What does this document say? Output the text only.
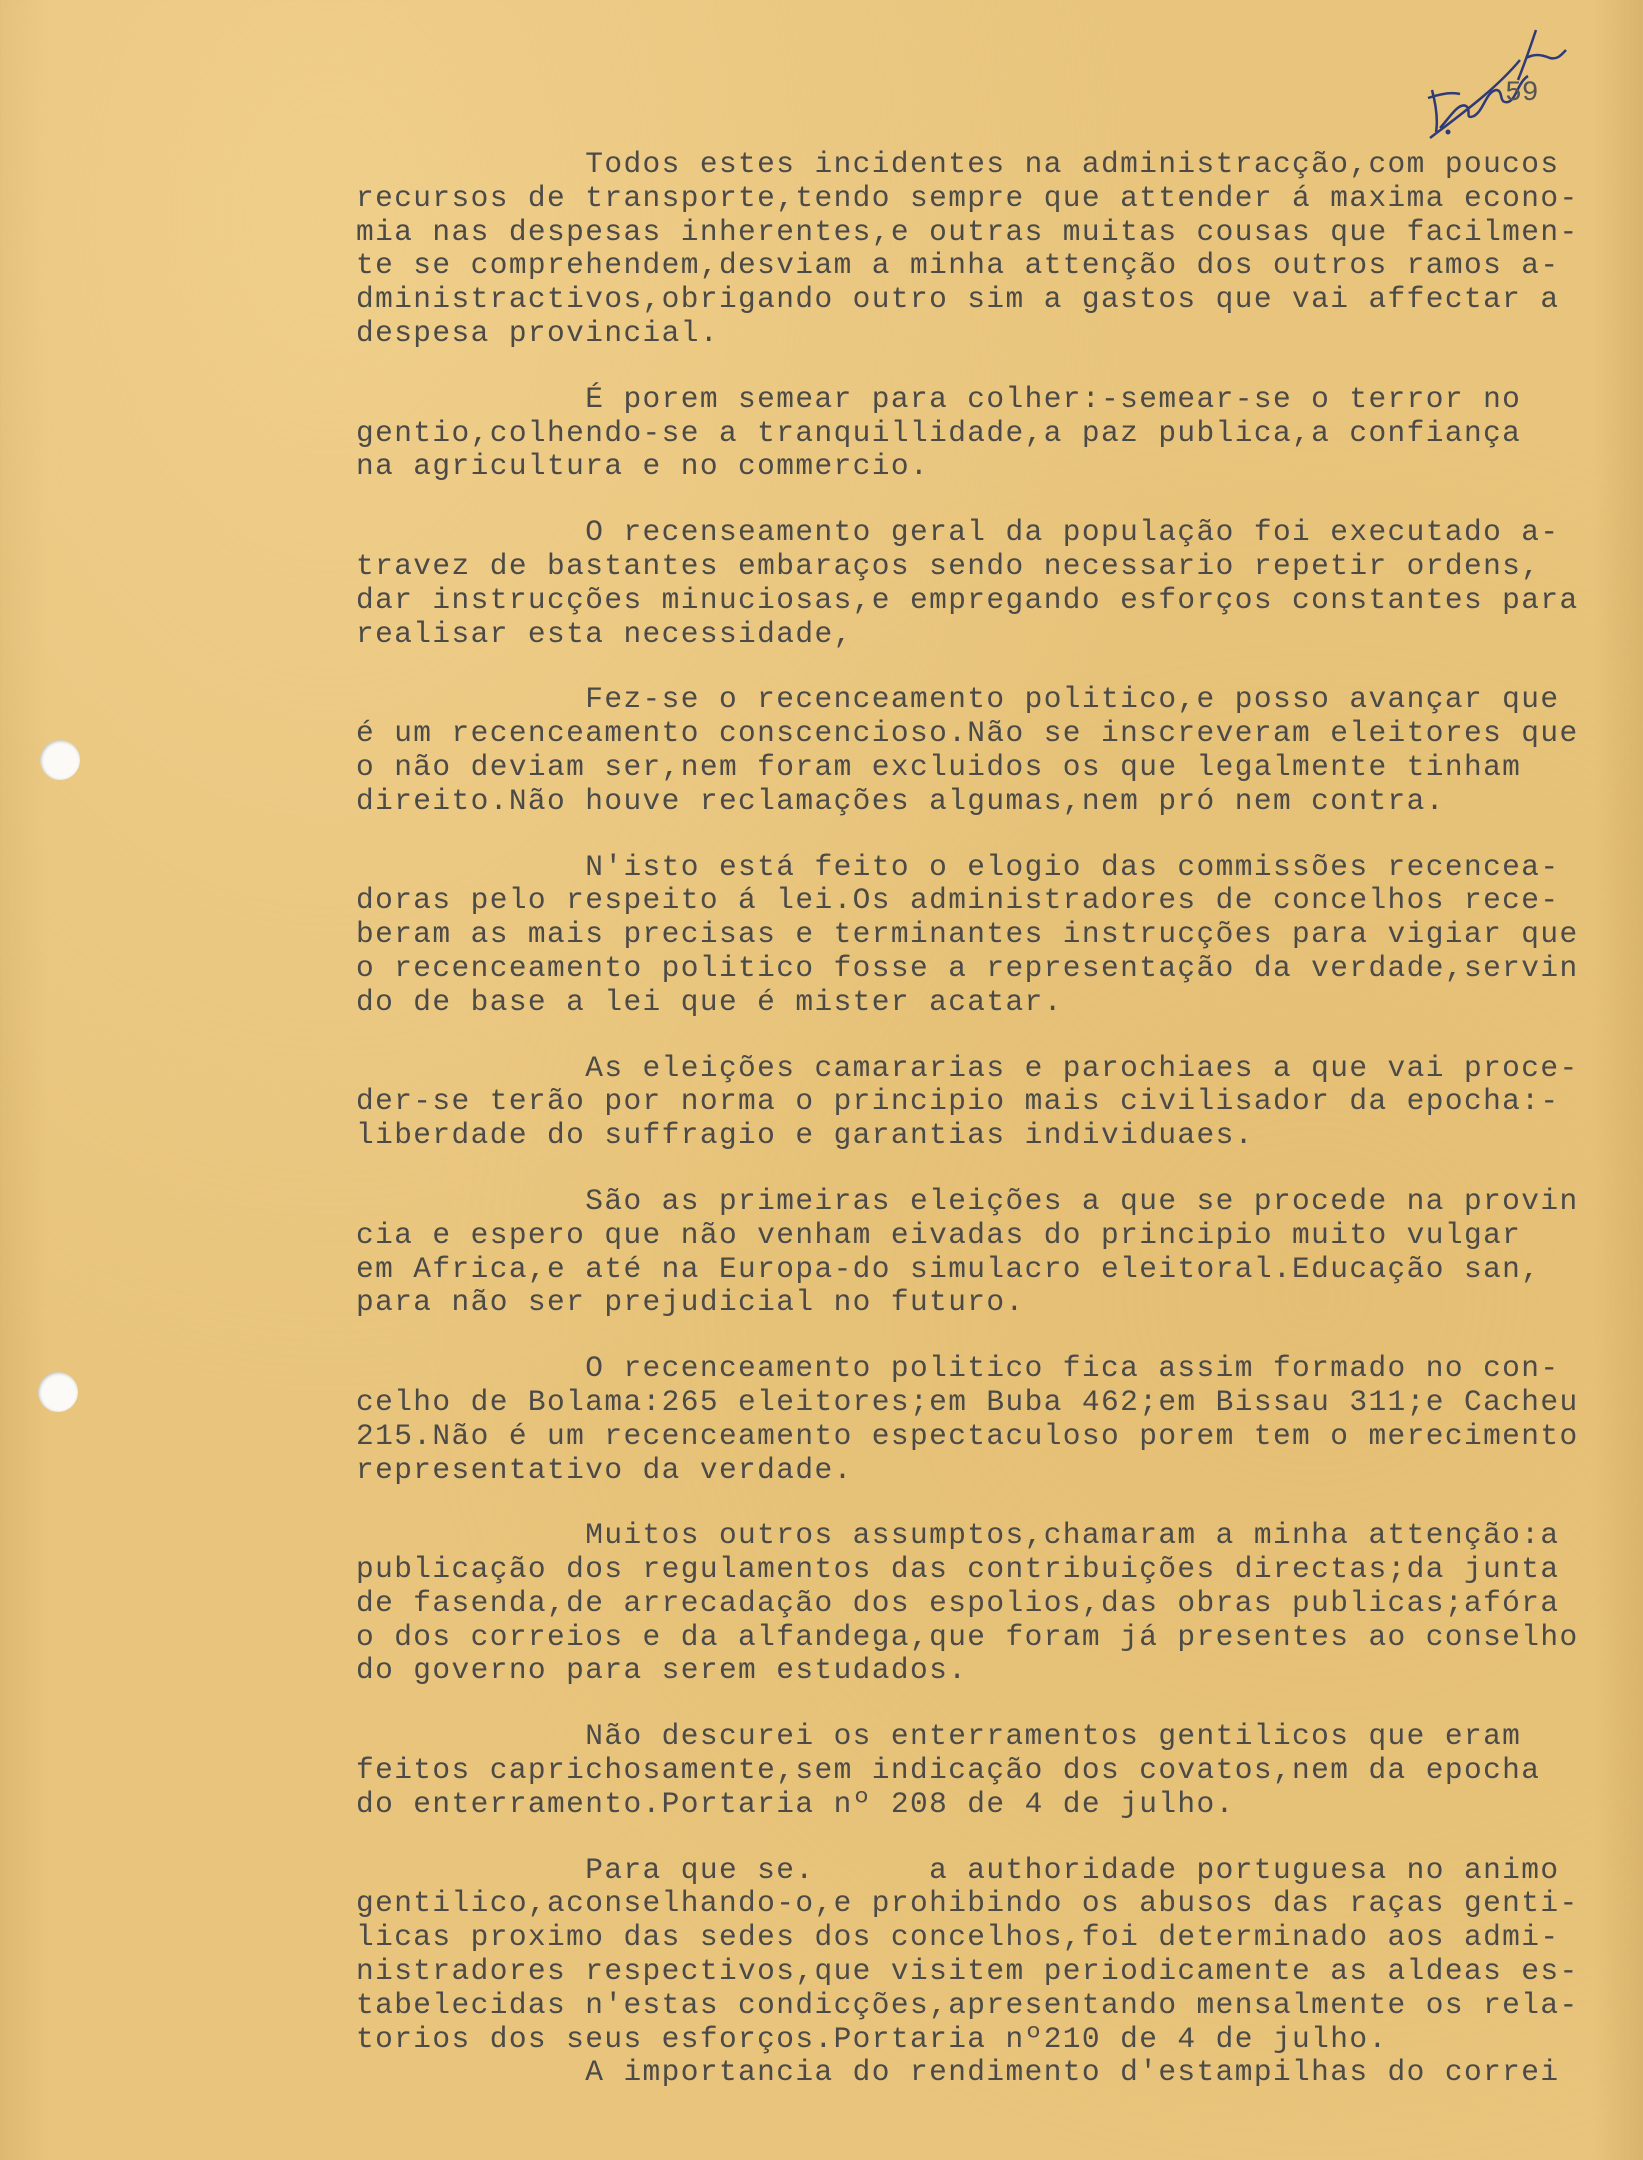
59
Todos estes incidentes na administracção,com poucos
recursos de transporte,tendo sempre que attender á maxima econo-
mia nas despesas inherentes,e outras muitas cousas que facilmen-
te se comprehendem,desviam a minha attenção dos outros ramos a-
dministractivos,obrigando outro sim a gastos que vai affectar a
despesa provincial.
É porem semear para colher:-semear-se o terror no
gentio,colhendo-se a tranquillidade,a paz publica,a confiança
na agricultura e no commercio.
O recenseamento geral da população foi executado a-
travez de bastantes embaraços sendo necessario repetir ordens,
dar instrucções minuciosas,e empregando esforços constantes para
realisar esta necessidade,
Fez-se o recenceamento politico,e posso avançar que
é um recenceamento conscencioso.Não se inscreveram eleitores que
o não deviam ser,nem foram excluidos os que legalmente tinham
direito.Não houve reclamações algumas,nem pró nem contra.
N'isto está feito o elogio das commissões recencea-
doras pelo respeito á lei.Os administradores de concelhos rece-
beram as mais precisas e terminantes instrucções para vigiar que
o recenceamento politico fosse a representação da verdade,servin
do de base a lei que é mister acatar.
As eleições camararias e parochiaes a que vai proce-
der-se terão por norma o principio mais civilisador da epocha:-
liberdade do suffragio e garantias individuaes.
São as primeiras eleições a que se procede na provin
cia e espero que não venham eivadas do principio muito vulgar
em Africa,e até na Europa-do simulacro eleitoral.Educação san,
para não ser prejudicial no futuro.
O recenceamento politico fica assim formado no con-
celho de Bolama:265 eleitores;em Buba 462;em Bissau 311;e Cacheu
215.Não é um recenceamento espectaculoso porem tem o merecimento
representativo da verdade.
Muitos outros assumptos,chamaram a minha attenção:a
publicação dos regulamentos das contribuições directas;da junta
de fasenda,de arrecadação dos espolios,das obras publicas;afóra
o dos correios e da alfandega,que foram já presentes ao conselho
do governo para serem estudados.
Não descurei os enterramentos gentilicos que eram
feitos caprichosamente,sem indicação dos covatos,nem da epocha
do enterramento.Portaria nº 208 de 4 de julho.
Para que se.      a authoridade portuguesa no animo
gentilico,aconselhando-o,e prohibindo os abusos das raças genti-
licas proximo das sedes dos concelhos,foi determinado aos admi-
nistradores respectivos,que visitem periodicamente as aldeas es-
tabelecidas n'estas condicções,apresentando mensalmente os rela-
torios dos seus esforços.Portaria nº210 de 4 de julho.
A importancia do rendimento d'estampilhas do correi
